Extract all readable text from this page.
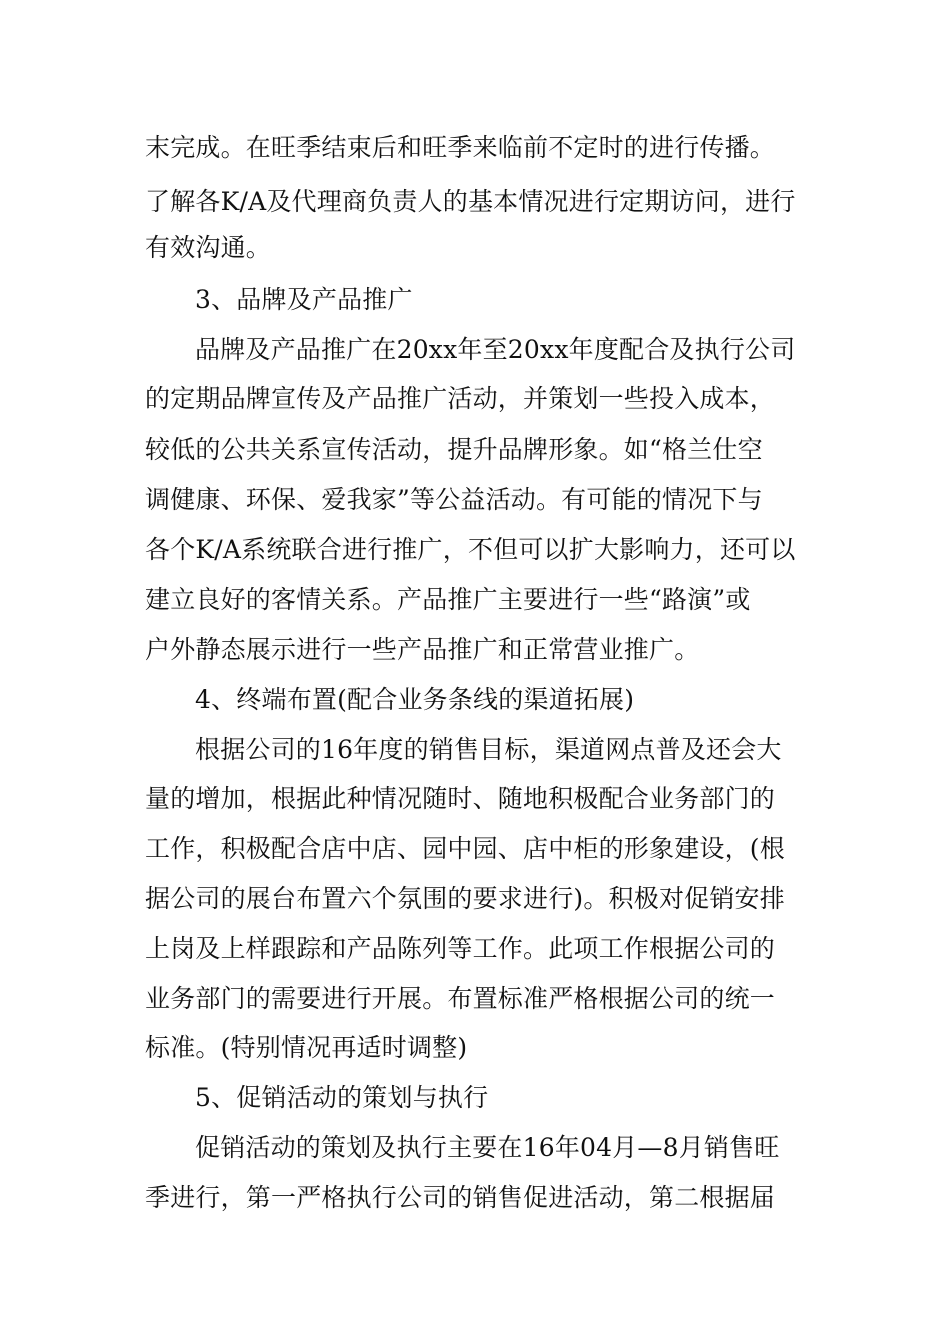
末完成。在旺季结束后和旺季来临前不定时的进行传播。
了解各K/A及代理商负责人的基本情况进行定期访问，进行
有效沟通。
3、品牌及产品推广
品牌及产品推广在20xx年至20xx年度配合及执行公司
的定期品牌宣传及产品推广活动，并策划一些投入成本，
较低的公共关系宣传活动，提升品牌形象。如“格兰仕空
调健康、环保、爱我家”等公益活动。有可能的情况下与
各个K/A系统联合进行推广，不但可以扩大影响力，还可以
建立良好的客情关系。产品推广主要进行一些“路演”或
户外静态展示进行一些产品推广和正常营业推广。
4、终端布置(配合业务条线的渠道拓展)
根据公司的16年度的销售目标，渠道网点普及还会大
量的增加，根据此种情况随时、随地积极配合业务部门的
工作，积极配合店中店、园中园、店中柜的形象建设，(根
据公司的展台布置六个氛围的要求进行)。积极对促销安排
上岗及上样跟踪和产品陈列等工作。此项工作根据公司的
业务部门的需要进行开展。布置标准严格根据公司的统一
标准。(特别情况再适时调整)
5、促销活动的策划与执行
促销活动的策划及执行主要在16年04月—8月销售旺
季进行，第一严格执行公司的销售促进活动，第二根据届
